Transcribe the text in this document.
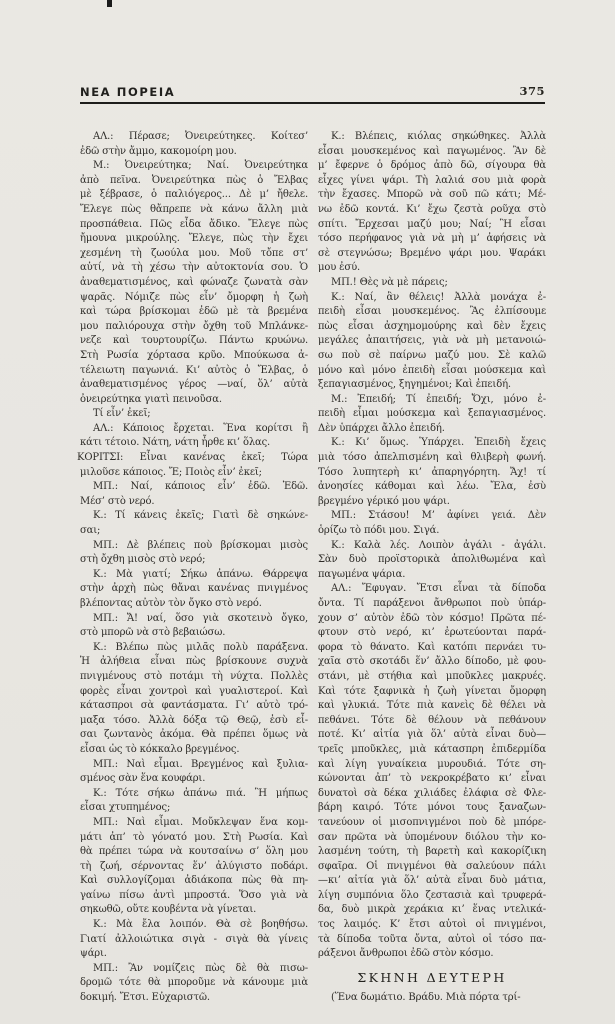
ΝΕΑ ΠΟΡΕΙΑ	375
ΑΛ.: Πέρασε; Ὀνειρεύτηκες. Κοίτεσ’
ἐδῶ στὴν ἄμμο, κακομοίρη μου.
Μ.: Ὀνειρεύτηκα; Ναί. Ὀνειρεύτηκα
ἀπὸ πεῖνα. Ὀνειρεύτηκα πὼς ὁ Ἔλβας
μὲ ξέβρασε, ὁ παλιόγερος... Δὲ μ’ ἤθελε.
Ἔλεγε πὼς θἄπρεπε νὰ κάνω ἄλλη μιὰ
προσπάθεια. Πῶς εἶδα ἄδικο. Ἔλεγε πὼς
ἤμουνα μικρούλης. Ἔλεγε, πὼς τὴν ἔχει
χεσμένη τὴ ζωούλα μου. Μοῦ τὄπε στ’
αὐτί, νὰ τὴ χέσω τὴν αὐτοκτονία σου. Ὁ
ἀναθεματισμένος, καὶ φώναζε ζωνατὰ σὰν
ψαρᾶς. Νόμιζε πὼς εἶν’ ὄμορφη ἡ ζωὴ
καὶ τώρα βρίσκομαι ἐδῶ μὲ τὰ βρεμένα
μου παλιόρουχα στὴν ὄχθη τοῦ Μπλάνκε-
νεζε καὶ τουρτουρίζω. Πάντω κρυώνω.
Στὴ Ρωσία χόρτασα κρῦο. Μπούκωσα ἀ-
τέλειωτη παγωνιά. Κι’ αὐτὸς ὁ Ἔλβας, ὁ
ἀναθεματισμένος γέρος —ναί, ὅλ’ αὐτὰ
ὀνειρεύτηκα γιατὶ πεινοῦσα.
Τί εἶν’ ἐκεῖ;
ΑΛ.: Κάποιος ἔρχεται. Ἕνα κορίτσι ἢ
κάτι τέτοιο. Νάτη, νάτη ἦρθε κι’ ὅλας.
ΚΟΡΙΤΣΙ: Εἶναι κανένας ἐκεῖ; Τώρα
μιλοῦσε κάποιος. Ἔ; Ποιὸς εἶν’ ἐκεῖ;
ΜΠ.: Ναί, κάποιος εἶν’ ἐδῶ. Ἐδῶ.
Μέσ’ στὸ νερό.
Κ.: Τί κάνεις ἐκεῖς; Γιατὶ δὲ σηκώνε-
σαι;
ΜΠ.: Δὲ βλέπεις ποὺ βρίσκομαι μισὸς
στὴ ὄχθη μισὸς στὸ νερό;
Κ.: Μὰ γιατί; Σήκω ἀπάνω. Θάρρεψα
στὴν ἀρχὴ πὼς θἄναι κανένας πνιγμένος
βλέποντας αὐτὸν τὸν ὄγκο στὸ νερό.
ΜΠ.: Ἄ! ναί, ὅσο γιὰ σκοτεινὸ ὄγκο,
στὸ μπορῶ νὰ στὸ βεβαιώσω.
Κ.: Βλέπω πὼς μιλᾶς πολὺ παράξενα.
Ἡ ἀλήθεια εἶναι πὼς βρίσκουνε συχνὰ
πνιγμένους στὸ ποτάμι τὴ νύχτα. Πολλὲς
φορὲς εἶναι χοντροὶ καὶ γυαλιστεροί. Καὶ
κάτασπροι σὰ φαντάσματα. Γι’ αὐτὸ τρό-
μαξα τόσο. Ἀλλὰ δόξα τῷ Θεῷ, ἐσὺ εἶ-
σαι ζωντανὸς ἀκόμα. Θὰ πρέπει ὅμως νὰ
εἶσαι ὡς τὸ κόκκαλο βρεγμένος.
ΜΠ.: Ναὶ εἶμαι. Βρεγμένος καὶ ξυλια-
σμένος σὰν ἕνα κουφάρι.
Κ.: Τότε σήκω ἀπάνω πιά. Ἢ μήπως
εἶσαι χτυπημένος;
ΜΠ.: Ναὶ εἶμαι. Μοὔκλεψαν ἕνα κομ-
μάτι ἀπ’ τὸ γόνατό μου. Στὴ Ρωσία. Καὶ
θὰ πρέπει τώρα νὰ κουτσαίνω σ’ ὅλη μου
τὴ ζωή, σέρνοντας ἕν’ ἀλύγιστο ποδάρι.
Καὶ συλλογίζομαι ἀδιάκοπα πὼς θὰ πη-
γαίνω πίσω ἀντὶ μπροστά. Ὅσο γιὰ νὰ
σηκωθῶ, οὔτε κουβέντα νὰ γίνεται.
Κ.: Μὰ ἔλα λοιπόν. Θὰ σὲ βοηθήσω.
Γιατί ἀλλοιώτικα σιγὰ - σιγὰ θὰ γίνεις
ψάρι.
ΜΠ.: Ἂν νομίζεις πὼς δὲ θὰ πισω-
δρομῶ τότε θὰ μποροῦμε νὰ κάνουμε μιὰ
δοκιμή. Ἔτσι. Εὐχαριστῶ.
Κ.: Βλέπεις, κιόλας σηκώθηκες. Ἀλλὰ
εἶσαι μουσκεμένος καὶ παγωμένος. Ἂν δὲ
μ’ ἔφερνε ὁ δρόμος ἀπὸ δῶ, σίγουρα θὰ
εἶχες γίνει ψάρι. Τὴ λαλιά σου μιὰ φορὰ
τὴν ἔχασες. Μπορῶ νὰ σοῦ πῶ κάτι; Μέ-
νω ἐδῶ κοντά. Κι’ ἔχω ζεστὰ ροῦχα στὸ
σπίτι. Ἔρχεσαι μαζύ μου; Ναί; Ἢ εἶσαι
τόσο περήφανος γιὰ νὰ μὴ μ’ ἀφήσεις νὰ
σὲ στεγνώσω; Βρεμένο ψάρι μου. Ψαράκι
μου ἐσύ.
ΜΠ.! Θὲς νὰ μὲ πάρεις;
Κ.: Ναί, ἂν θέλεις! Ἀλλὰ μονάχα ἐ-
πειδὴ εἶσαι μουσκεμένος. Ἂς ἐλπίσουμε
πὼς εἶσαι ἀσχημομούρης καὶ δὲν ἔχεις
μεγάλες ἀπαιτήσεις, γιὰ νὰ μὴ μετανοιώ-
σω ποὺ σὲ παίρνω μαζύ μου. Σὲ καλῶ
μόνο καὶ μόνο ἐπειδὴ εἶσαι μούσκεμα καὶ
ξεπαγιασμένος, ξηγημένοι; Καὶ ἐπειδή.
Μ.: Ἐπειδή; Τί ἐπειδή; Ὄχι, μόνο ἐ-
πειδὴ εἶμαι μούσκεμα καὶ ξεπαγιασμένος.
Δὲν ὑπάρχει ἄλλο ἐπειδή.
Κ.: Κι’ ὅμως. Ὑπάρχει. Ἐπειδὴ ἔχεις
μιὰ τόσο ἀπελπισμένη καὶ θλιβερὴ φωνή.
Τόσο λυπητερὴ κι’ ἀπαρηγόρητη. Ἄχ! τί
ἀνοησίες κάθομαι καὶ λέω. Ἔλα, ἐσὺ
βρεγμένο γέρικό μου ψάρι.
ΜΠ.: Στάσου! Μ’ ἀφίνει γειά. Δὲν
ὁρίζω τὸ πόδι μου. Σιγά.
Κ.: Καλὰ λές. Λοιπὸν ἀγάλι - ἀγάλι.
Σὰν δυὸ προϊστορικὰ ἀπολιθωμένα καὶ
παγωμένα ψάρια.
ΑΛ.: Ἔφυγαν. Ἔτσι εἶναι τὰ δίποδα
ὄντα. Τί παράξενοι ἄνθρωποι ποὺ ὑπάρ-
χουν σ’ αὐτὸν ἐδῶ τὸν κόσμο! Πρῶτα πέ-
φτουν στὸ νερό, κι’ ἐρωτεύονται παρά-
φορα τὸ θάνατο. Καὶ κατόπι περνάει τυ-
χαῖα στὸ σκοτάδι ἕν’ ἄλλο δίποδο, μὲ φου-
στάνι, μὲ στήθια καὶ μποῦκλες μακρυές.
Καὶ τότε ξαφνικὰ ἡ ζωὴ γίνεται ὄμορφη
καὶ γλυκιά. Τότε πιὰ κανεὶς δὲ θέλει νὰ
πεθάνει. Τότε δὲ θέλουν νὰ πεθάνουν
ποτέ. Κι’ αἰτία γιὰ ὅλ’ αὐτὰ εἶναι δυὸ—
τρεῖς μποῦκλες, μιὰ κάτασπρη ἐπιδερμίδα
καὶ λίγη γυναίκεια μυρουδιά. Τότε ση-
κώνονται ἀπ’ τὸ νεκροκρέβατο κι’ εἶναι
δυνατοὶ σὰ δέκα χιλιάδες ἐλάφια σὲ Φλε-
βάρη καιρό. Τότε μόνοι τους ξαναζων-
τανεύουν οἱ μισοπνιγμένοι ποὺ δὲ μπόρε-
σαν πρῶτα νὰ ὑπομένουν διόλου τὴν κο-
λασμένη τούτη, τὴ βαρετὴ καὶ κακορίζικη
σφαῖρα. Οἱ πνιγμένοι θὰ σαλεύουν πάλι
—κι’ αἰτία γιὰ ὅλ’ αὐτὰ εἶναι δυὸ μάτια,
λίγη συμπόνια ὅλο ζεστασιὰ καὶ τρυφερά-
δα, δυὸ μικρὰ χεράκια κι’ ἕνας ντελικά-
τος λαιμός. Κ’ ἔτσι αὐτοὶ οἱ πνιγμένοι,
τὰ δίποδα τοῦτα ὄντα, αὐτοὶ οἱ τόσο πα-
ράξενοι ἄνθρωποι ἐδῶ στὸν κόσμο.
ΣΚΗΝΗ ΔΕΥΤΕΡΗ
(Ἕνα δωμάτιο. Βράδυ. Μιὰ πόρτα τρί-
